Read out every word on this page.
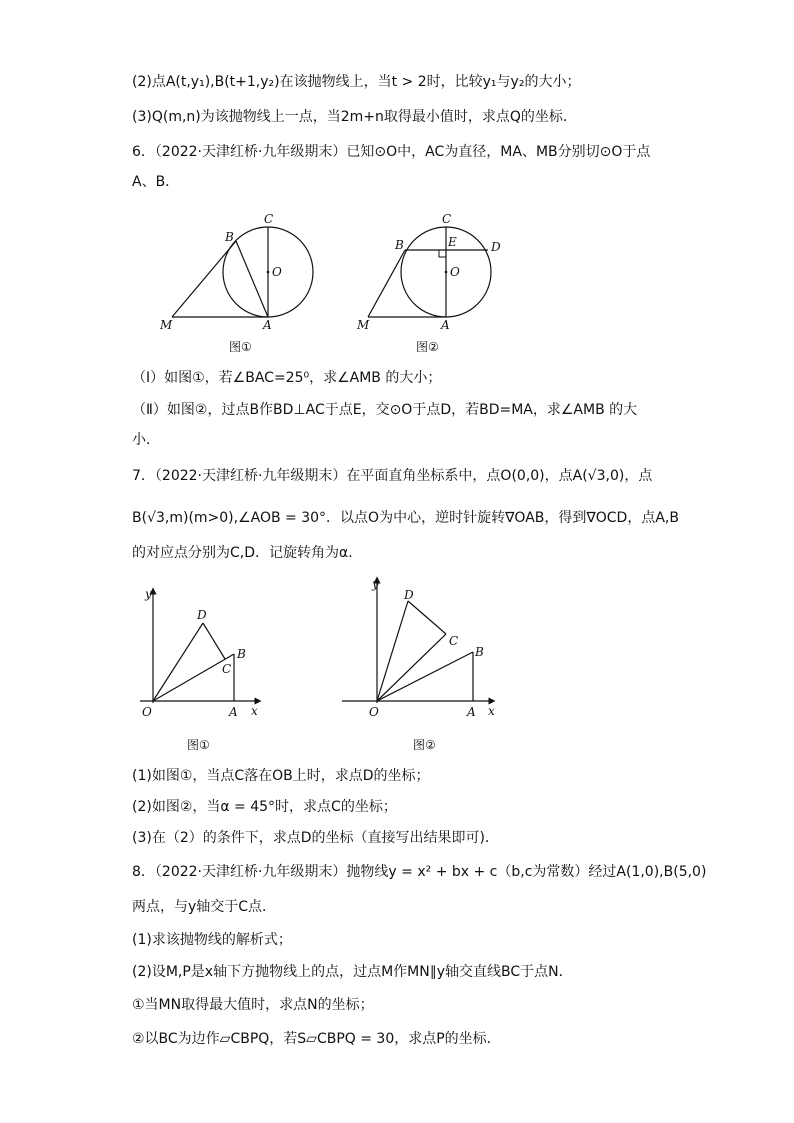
(2)点A(t,y₁),B(t+1,y₂)在该抛物线上，当t > 2时，比较y₁与y₂的大小；
(3)Q(m,n)为该抛物线上一点，当2m+n取得最小值时，求点Q的坐标．
6．（2022·天津红桥·九年级期末）已知⊙O中，AC为直径，MA、MB分别切⊙O于点
A、B．
C
B
O
M	A
图①
C
B	E	D
O
M	A
图②
（Ⅰ）如图①，若∠BAC=25⁰，求∠AMB 的大小；
（Ⅱ）如图②，过点B作BD⊥AC于点E，交⊙O于点D，若BD=MA，求∠AMB 的大
小．
7．（2022·天津红桥·九年级期末）在平面直角坐标系中，点O(0,0)，点A(√3,0)，点
B(√3,m)(m>0),∠AOB = 30°．以点O为中心，逆时针旋转∇OAB，得到∇OCD，点A,B
的对应点分别为C,D．记旋转角为α．
y
D
B
C
O	A x
图①
y
D
C
B
O	A x
图②
(1)如图①，当点C落在OB上时，求点D的坐标；
(2)如图②，当α = 45°时，求点C的坐标；
(3)在（2）的条件下，求点D的坐标（直接写出结果即可)．
8．（2022·天津红桥·九年级期末）抛物线y = x² + bx + c（b,c为常数）经过A(1,0),B(5,0)
两点，与y轴交于C点．
(1)求该抛物线的解析式；
(2)设M,P是x轴下方抛物线上的点，过点M作MN∥y轴交直线BC于点N．
①当MN取得最大值时，求点N的坐标；
②以BC为边作▱CBPQ，若S▱CBPQ = 30，求点P的坐标．
